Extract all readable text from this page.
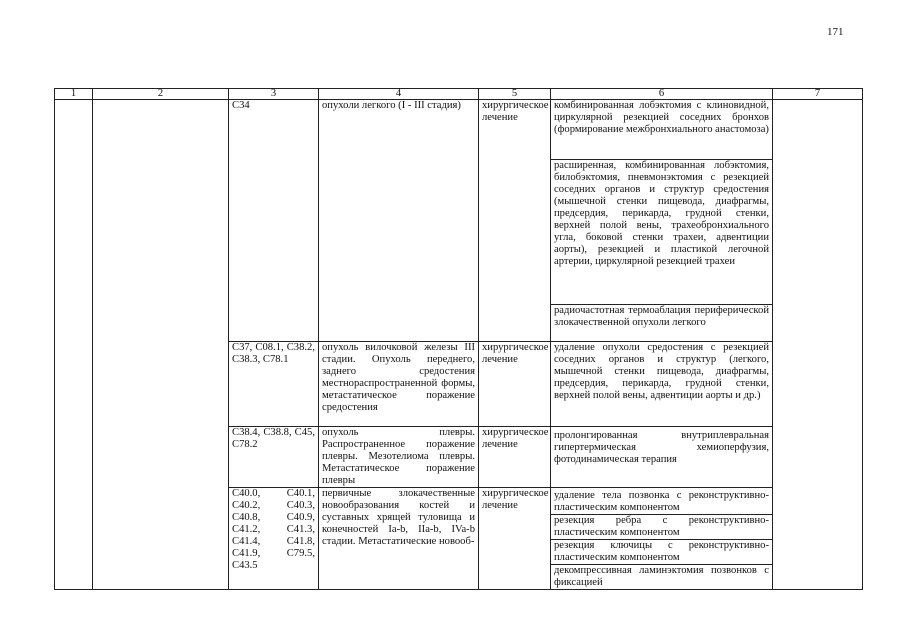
171
1	2	3	4	5	6	7
		C34	опухоли легкого (I - III стадия)	хирургическое лечение	комбинированная лобэктомия с клиновидной, циркулярной резекцией соседних бронхов (формирование межбронхиального анастомоза)	
					расширенная, комбинированная лобэктомия, билобэктомия, пневмонэктомия с резекцией соседних органов и структур средостения (мышечной стенки пищевода, диафрагмы, предсердия, перикарда, грудной стенки, верхней полой вены, трахеобронхиального угла, боковой стенки трахеи, адвентиции аорты), резекцией и пластикой легочной артерии, циркулярной резекцией трахеи	
					радиочастотная термоаблация периферической злокачественной опухоли легкого	
		C37, C08.1, C38.2, C38.3, C78.1	опухоль вилочковой железы III стадии. Опухоль переднего, заднего средостения местнораспространенной формы, метастатическое поражение средостения	хирургическое лечение	удаление опухоли средостения с резекцией соседних органов и структур (легкого, мышечной стенки пищевода, диафрагмы, предсердия, перикарда, грудной стенки, верхней полой вены, адвентиции аорты и др.)	
		C38.4, C38.8, C45, C78.2	опухоль плевры. Распространенное поражение плевры. Мезотелиома плевры. Метастатическое поражение плевры	хирургическое лечение	пролонгированная внутриплевральная гипертермическая хемиоперфузия, фотодинамическая терапия	
		C40.0, C40.1, C40.2, C40.3, C40.8, C40.9, C41.2, C41.3, C41.4, C41.8, C41.9, C79.5, C43.5	первичные злокачественные новообразования костей и суставных хрящей туловища и конечностей Ia-b, IIa-b, IVa-b стадии. Метастатические новооб-	хирургическое лечение	удаление тела позвонка с реконструктивно-пластическим компонентом	
					резекция ребра с реконструктивно-пластическим компонентом	
					резекция ключицы с реконструктивно-пластическим компонентом	
					декомпрессивная ламинэктомия позвонков с фиксацией	
